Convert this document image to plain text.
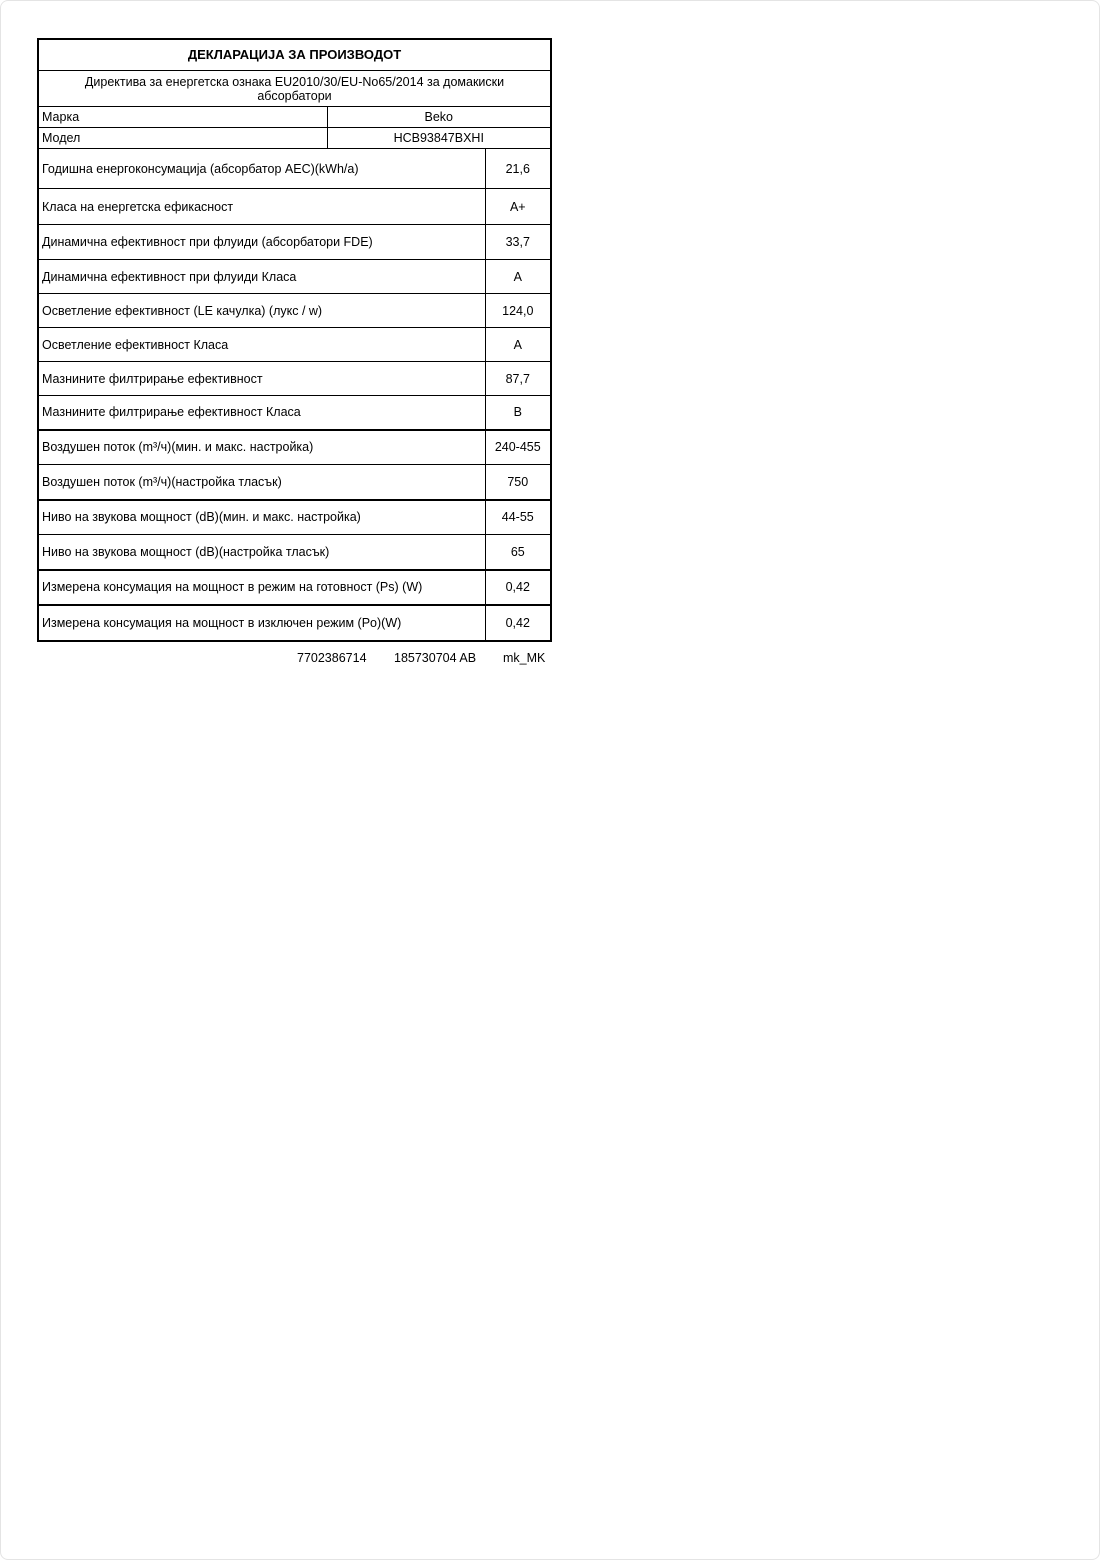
ДЕКЛАРАЦИЈА ЗА ПРОИЗВОДОТ		
Директива за енергетска ознака EU2010/30/EU-No65/2014 за домакиски абсорбатори		
Марка	Beko	
Модел	HCB93847BXHI	
Годишна енергоконсумација (абсорбатор AEC)(kWh/a)		21,6
Класа на енергетска ефикасност		A+
Динамична ефективност при флуиди (абсорбатори FDE)		33,7
Динамична ефективност при флуиди Класа		A
Осветление ефективност (LE качулка) (лукс / w)		124,0
Осветление ефективност Класа		A
Мазнините филтрирање ефективност		87,7
Мазнините филтрирање ефективност Класа		B
Воздушен поток (m³/ч)(мин. и макс. настройка)		240-455
Воздушен поток (m³/ч)(настройка тласък)		750
Ниво на звукова мощност (dB)(мин. и макс. настройка)		44-55
Ниво на звукова мощност (dB)(настройка тласък)		65
Измерена консумация на мощност в режим на готовност (Ps) (W)		0,42
Измерена консумация на мощност в изключен режим (Po)(W)		0,42
7702386714 185730704 AB mk_MK
